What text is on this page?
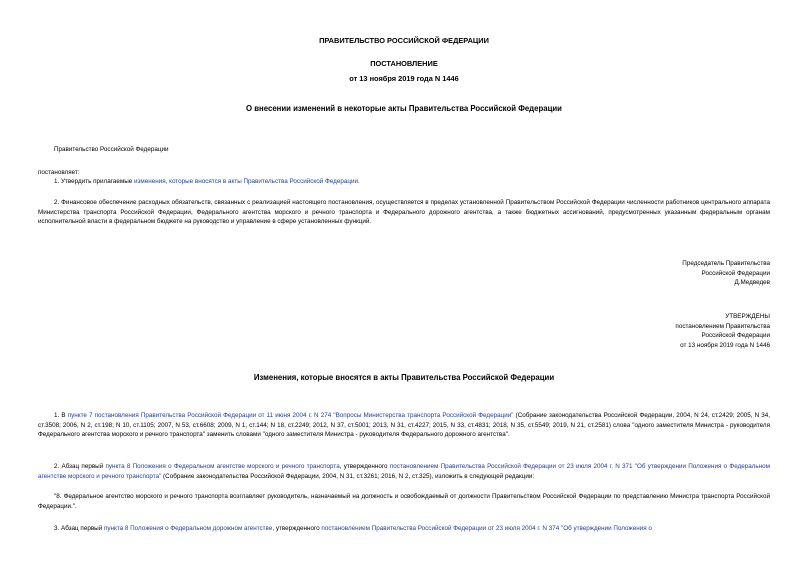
ПРАВИТЕЛЬСТВО РОССИЙСКОЙ ФЕДЕРАЦИИ
ПОСТАНОВЛЕНИЕ
от 13 ноября 2019 года N 1446
О внесении изменений в некоторые акты Правительства Российской Федерации
Правительство Российской Федерации
постановляет:
1. Утвердить прилагаемые изменения, которые вносятся в акты Правительства Российской Федерации.
2. Финансовое обеспечение расходных обязательств, связанных с реализацией настоящего постановления, осуществляется в пределах установленной Правительством Российской Федерации численности работников центрального аппарата Министерства транспорта Российской Федерации, Федерального агентства морского и речного транспорта и Федерального дорожного агентства, а также бюджетных ассигнований, предусмотренных указанным федеральным органам исполнительной власти в федеральном бюджете на руководство и управление в сфере установленных функций.
Председатель Правительства
Российской Федерации
Д.Медведев
УТВЕРЖДЕНЫ
постановлением Правительства
Российской Федерации
от 13 ноября 2019 года N 1446
Изменения, которые вносятся в акты Правительства Российской Федерации
1. В пункте 7 постановления Правительства Российской Федерации от 11 июня 2004 г. N 274 "Вопросы Министерства транспорта Российской Федерации" (Собрание законодательства Российской Федерации, 2004, N 24, ст.2429; 2005, N 34, ст.3508; 2006, N 2, ст.198; N 10, ст.1105; 2007, N 53, ст.6608; 2009, N 1, ст.144; N 18, ст.2249; 2012, N 37, ст.5001; 2013, N 31, ст.4227; 2015, N 33, ст.4831; 2018, N 35, ст.5549; 2019, N 21, ст.2581) слова "одного заместителя Министра - руководителя Федерального агентства морского и речного транспорта" заменить словами "одного заместителя Министра - руководителя Федерального дорожного агентства".
2. Абзац первый пункта 8 Положения о Федеральном агентстве морского и речного транспорта, утвержденного постановлением Правительства Российской Федерации от 23 июля 2004 г. N 371 "Об утверждении Положения о Федеральном агентстве морского и речного транспорта" (Собрание законодательства Российской Федерации, 2004, N 31, ст.3261; 2016, N 2, ст.325), изложить в следующей редакции:
"8. Федеральное агентство морского и речного транспорта возглавляет руководитель, назначаемый на должность и освобождаемый от должности Правительством Российской Федерации по представлению Министра транспорта Российской Федерации.".
3. Абзац первый пункта 8 Положения о Федеральном дорожном агентстве, утвержденного постановлением Правительства Российской Федерации от 23 июля 2004 г. N 374 "Об утверждении Положения о
